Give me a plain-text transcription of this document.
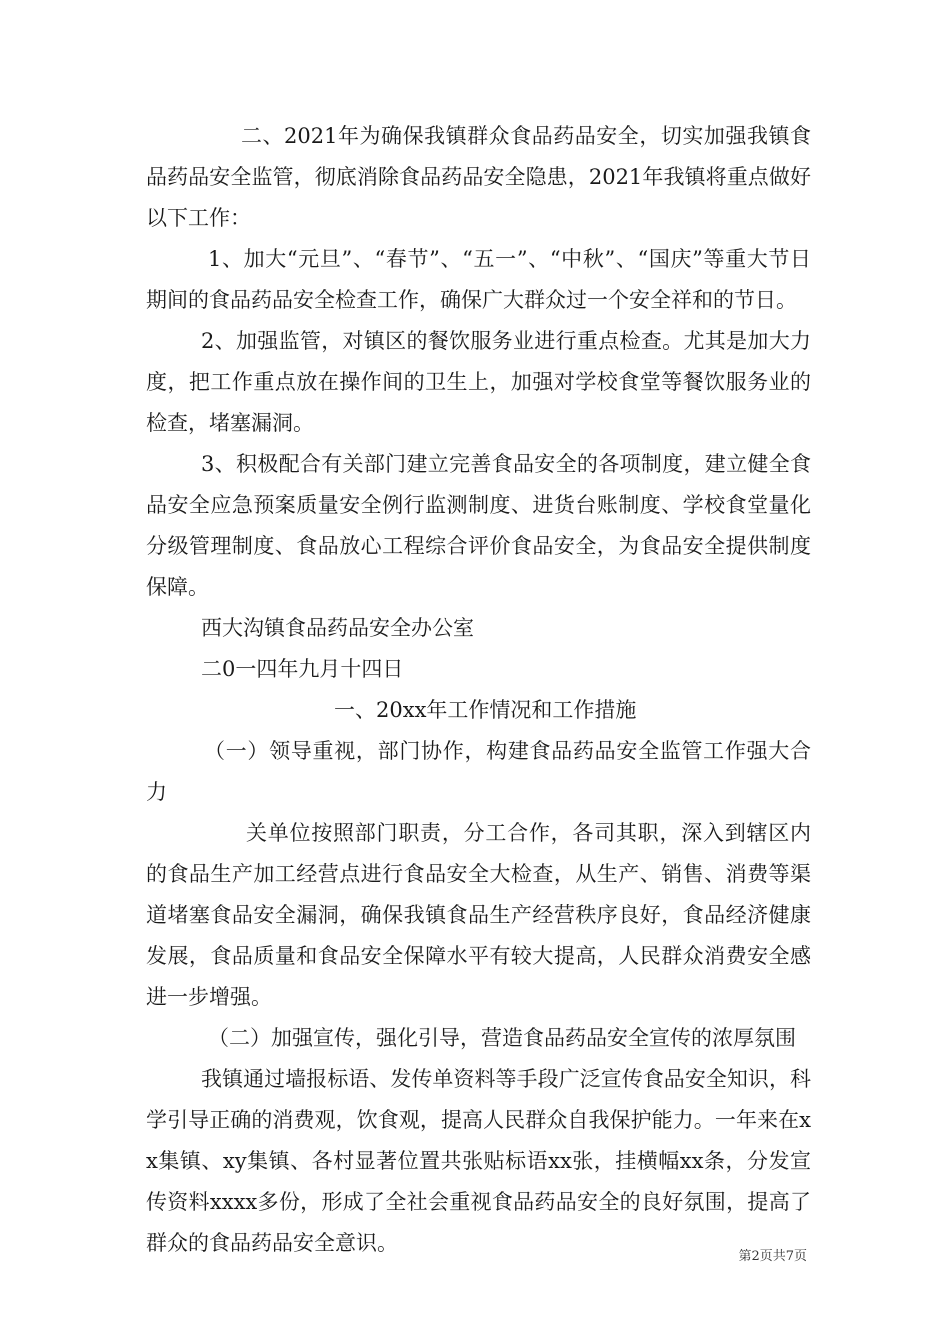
二、2021年为确保我镇群众食品药品安全，切实加强我镇食品药品安全监管，彻底消除食品药品安全隐患，2021年我镇将重点做好以下工作：

1、加大“元旦”、“春节”、“五一”、“中秋”、“国庆”等重大节日期间的食品药品安全检查工作，确保广大群众过一个安全祥和的节日。

2、加强监管，对镇区的餐饮服务业进行重点检查。尤其是加大力度，把工作重点放在操作间的卫生上，加强对学校食堂等餐饮服务业的检查，堵塞漏洞。

3、积极配合有关部门建立完善食品安全的各项制度，建立健全食品安全应急预案质量安全例行监测制度、进货台账制度、学校食堂量化分级管理制度、食品放心工程综合评价食品安全，为食品安全提供制度保障。

西大沟镇食品药品安全办公室

二0一四年九月十四日

一、20xx年工作情况和工作措施

（一）领导重视，部门协作，构建食品药品安全监管工作强大合力

关单位按照部门职责，分工合作，各司其职，深入到辖区内的食品生产加工经营点进行食品安全大检查，从生产、销售、消费等渠道堵塞食品安全漏洞，确保我镇食品生产经营秩序良好，食品经济健康发展，食品质量和食品安全保障水平有较大提高，人民群众消费安全感进一步增强。

（二）加强宣传，强化引导，营造食品药品安全宣传的浓厚氛围

我镇通过墙报标语、发传单资料等手段广泛宣传食品安全知识，科学引导正确的消费观，饮食观，提高人民群众自我保护能力。一年来在xx集镇、xy集镇、各村显著位置共张贴标语xx张，挂横幅xx条，分发宣传资料xxxx多份，形成了全社会重视食品药品安全的良好氛围，提高了群众的食品药品安全意识。

第2页共7页
